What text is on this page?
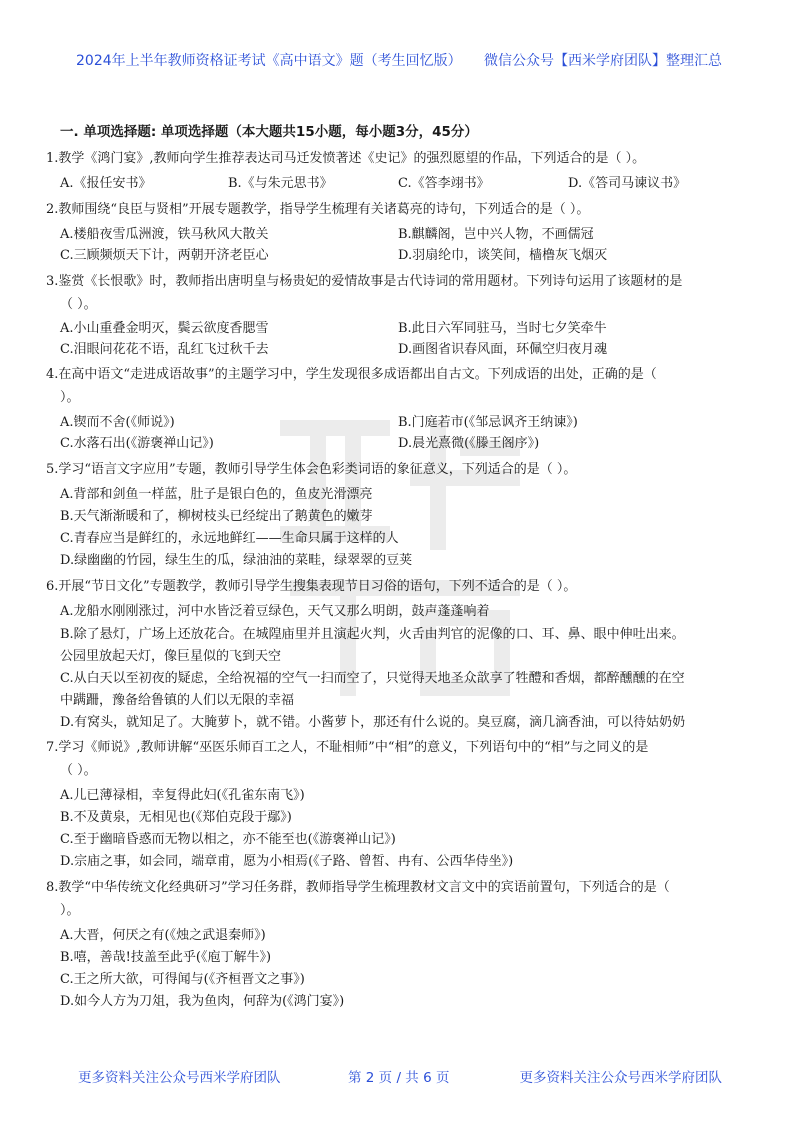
2024年上半年教师资格证考试《高中语文》题（考生回忆版） 微信公众号【西米学府团队】整理汇总
一. 单项选择题: 单项选择题（本大题共15小题，每小题3分，45分）
1.教学《鸿门宴》,教师向学生推荐表达司马迁发愤著述《史记》的强烈愿望的作品，下列适合的是（ ）。
A.《报任安书》	B.《与朱元思书》	C.《答李翊书》	D.《答司马谏议书》
2.教师围绕“良臣与贤相”开展专题教学，指导学生梳理有关诸葛亮的诗句，下列适合的是（ ）。
A.楼船夜雪瓜洲渡，铁马秋风大散关	B.麒麟阁，岂中兴人物，不画儒冠
C.三顾频烦天下计，两朝开济老臣心	D.羽扇纶巾，谈笑间，樯橹灰飞烟灭
3.鉴赏《长恨歌》时，教师指出唐明皇与杨贵妃的爱情故事是古代诗词的常用题材。下列诗句运用了该题材的是
（ ）。
A.小山重叠金明灭，鬓云欲度香腮雪	B.此日六军同驻马，当时七夕笑牵牛
C.泪眼问花花不语，乱红飞过秋千去	D.画图省识春风面，环佩空归夜月魂
4.在高中语文“走进成语故事”的主题学习中，学生发现很多成语都出自古文。下列成语的出处，正确的是（
）。
A.锲而不舍(《师说》)	B.门庭若市(《邹忌讽齐王纳谏》)
C.水落石出(《游褒禅山记》)	D.晨光熹微(《滕王阁序》)
5.学习“语言文字应用”专题，教师引导学生体会色彩类词语的象征意义，下列适合的是（ ）。
A.背部和剑鱼一样蓝，肚子是银白色的，鱼皮光滑漂亮
B.天气渐渐暖和了，柳树枝头已经绽出了鹅黄色的嫩芽
C.青春应当是鲜红的，永远地鲜红——生命只属于这样的人
D.绿幽幽的竹园，绿生生的瓜，绿油油的菜畦，绿翠翠的豆荚
6.开展“节日文化”专题教学，教师引导学生搜集表现节日习俗的语句，下列不适合的是（ ）。
A.龙船水刚刚涨过，河中水皆泛着豆绿色，天气又那么明朗，鼓声蓬蓬响着
B.除了悬灯，广场上还放花合。在城隍庙里并且演起火判，火舌由判官的泥像的口、耳、鼻、眼中伸吐出来。
公园里放起天灯，像巨星似的飞到天空
C.从白天以至初夜的疑虑，全给祝福的空气一扫而空了，只觉得天地圣众歆享了牲醴和香烟，都醉醺醺的在空
中蹒跚，豫备给鲁镇的人们以无限的幸福
D.有窝头，就知足了。大腌萝卜，就不错。小酱萝卜，那还有什么说的。臭豆腐，滴几滴香油，可以待姑奶奶
7.学习《师说》,教师讲解“巫医乐师百工之人，不耻相师”中“相”的意义，下列语句中的“相”与之同义的是
（ ）。
A.儿已薄禄相，幸复得此妇(《孔雀东南飞》)
B.不及黄泉，无相见也(《郑伯克段于鄢》)
C.至于幽暗昏惑而无物以相之，亦不能至也(《游褒禅山记》)
D.宗庙之事，如会同，端章甫，愿为小相焉(《子路、曾皙、冉有、公西华侍坐》)
8.教学“中华传统文化经典研习”学习任务群，教师指导学生梳理教材文言文中的宾语前置句，下列适合的是（
）。
A.大晋，何厌之有(《烛之武退秦师》)
B.嘻，善哉!技盖至此乎(《庖丁解牛》)
C.王之所大欲，可得闻与(《齐桓晋文之事》)
D.如今人方为刀俎，我为鱼肉，何辞为(《鸿门宴》)
更多资料关注公众号西米学府团队	第 2 页 / 共 6 页	更多资料关注公众号西米学府团队
